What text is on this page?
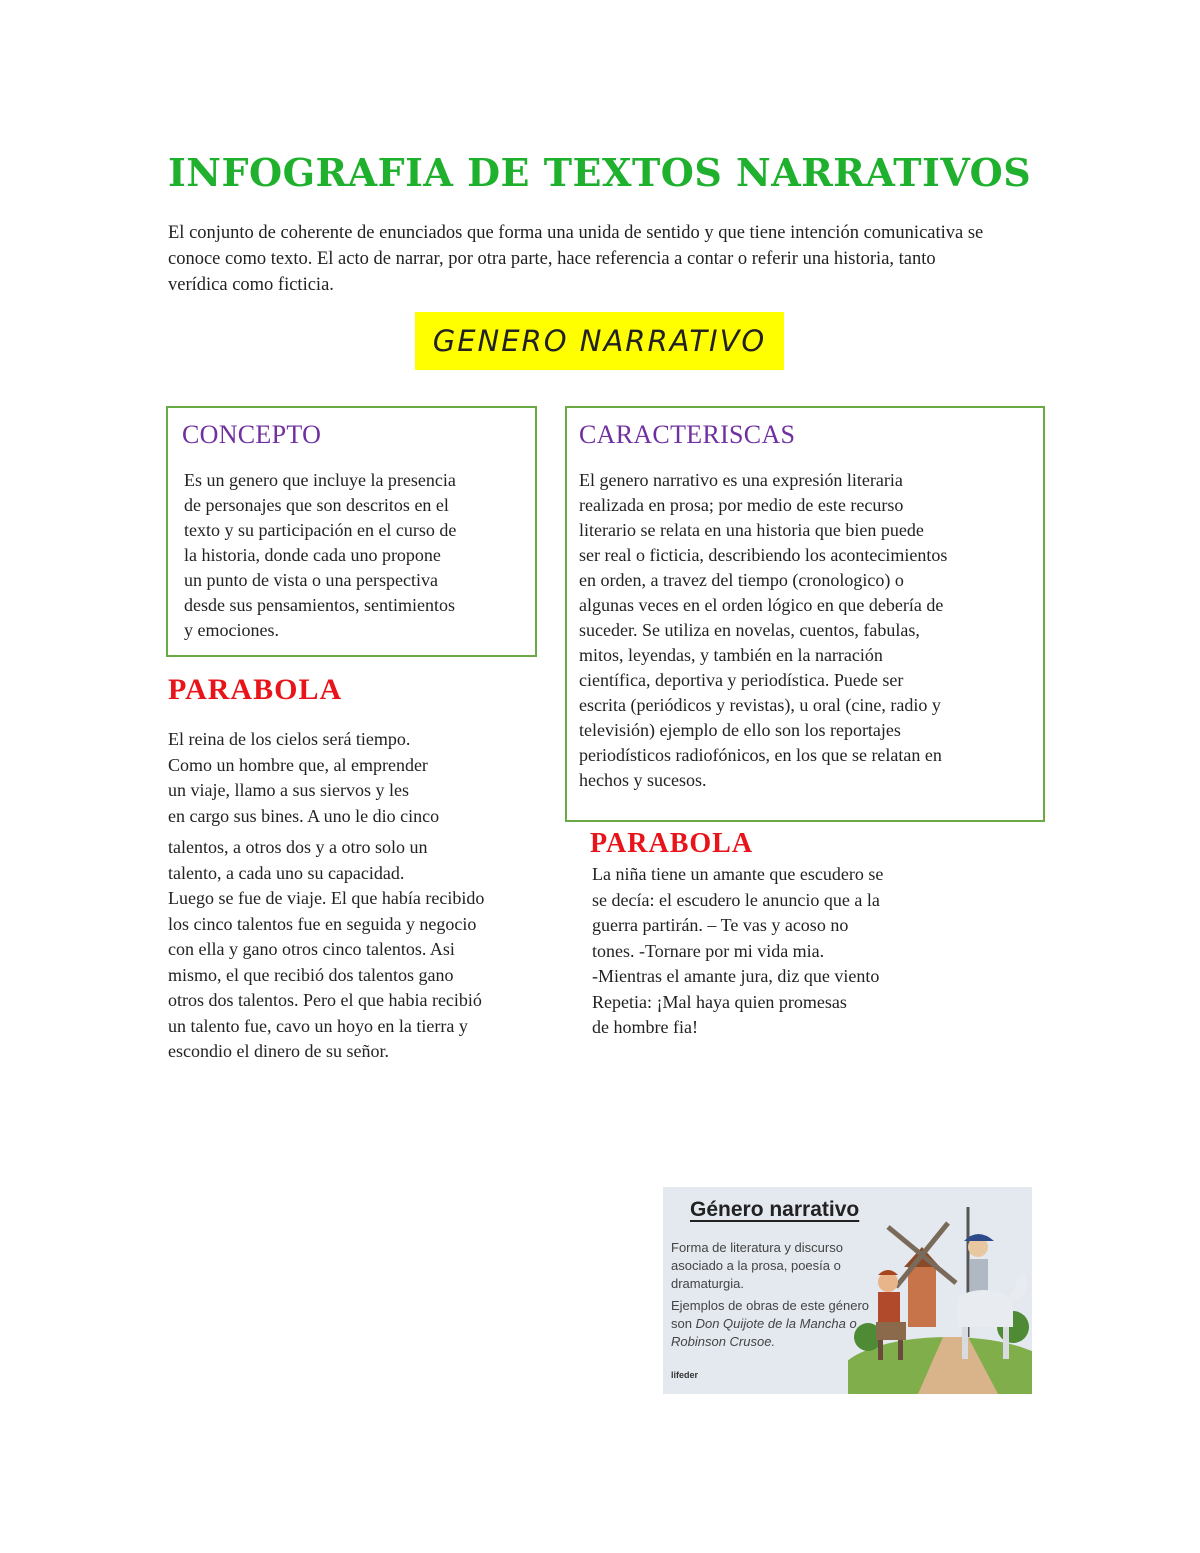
INFOGRAFIA DE TEXTOS NARRATIVOS
El conjunto de coherente de enunciados que forma una unida de sentido y que tiene intención comunicativa se conoce como texto. El acto de narrar, por otra parte, hace referencia a contar o referir una historia, tanto verídica como ficticia.
GENERO NARRATIVO
CONCEPTO
Es un genero que incluye la presencia
de personajes que son descritos en el
texto y su participación en el curso de
la historia, donde cada uno propone
un punto de vista o una perspectiva
desde sus pensamientos, sentimientos
y emociones.
CARACTERISCAS
El genero narrativo es una expresión literaria
realizada en prosa; por medio de este recurso
literario se relata en una historia que bien puede
ser real o ficticia, describiendo los acontecimientos
en orden, a travez del tiempo (cronologico) o
algunas veces en el orden lógico en que debería de
suceder. Se utiliza en novelas, cuentos, fabulas,
mitos, leyendas, y también en la narración
científica, deportiva y periodística. Puede ser
escrita (periódicos y revistas), u oral (cine, radio y
televisión) ejemplo de ello son los reportajes
periodísticos radiofónicos, en los que se relatan en
hechos y sucesos.
PARABOLA
El reina de los cielos será tiempo.
Como un hombre que, al emprender
un viaje, llamo a sus siervos y les
en cargo sus bines. A uno le dio cinco
talentos, a otros dos y a otro solo un
talento, a cada uno su capacidad.
Luego se fue de viaje. El que había recibido
los cinco talentos fue en seguida y negocio
con ella y gano otros cinco talentos. Asi
mismo, el que recibió dos talentos gano
otros dos talentos. Pero el que habia recibió
un talento fue, cavo un hoyo en la tierra y
escondio el dinero de su señor.
PARABOLA
La niña tiene un amante que escudero se
se decía: el escudero le anuncio que a la
guerra partirán. – Te vas y acoso no
tones. -Tornare por mi vida mia.
-Mientras el amante jura, diz que viento
Repetia: ¡Mal haya quien promesas
de hombre fia!
Género narrativo
Forma de literatura y discurso asociado a la prosa, poesía o dramaturgia.
Ejemplos de obras de este género son Don Quijote de la Mancha o Robinson Crusoe.
lifeder
